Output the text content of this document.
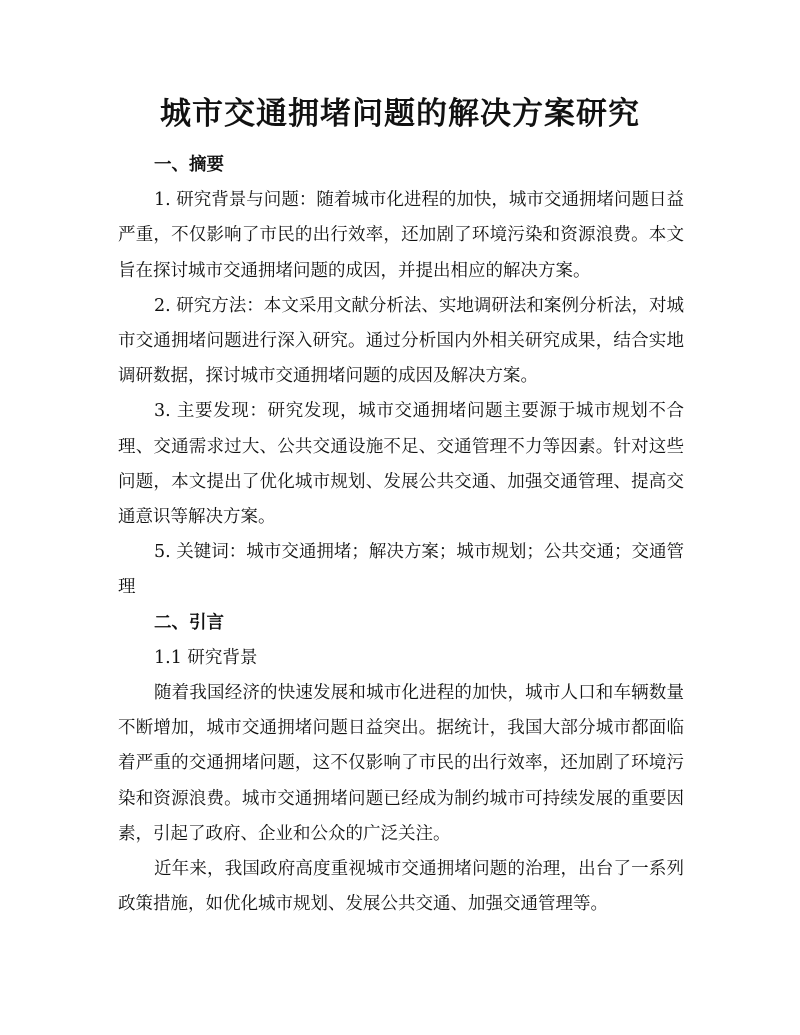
城市交通拥堵问题的解决方案研究

一、摘要

1. 研究背景与问题：随着城市化进程的加快，城市交通拥堵问题日益严重，不仅影响了市民的出行效率，还加剧了环境污染和资源浪费。本文旨在探讨城市交通拥堵问题的成因，并提出相应的解决方案。

2. 研究方法：本文采用文献分析法、实地调研法和案例分析法，对城市交通拥堵问题进行深入研究。通过分析国内外相关研究成果，结合实地调研数据，探讨城市交通拥堵问题的成因及解决方案。

3. 主要发现：研究发现，城市交通拥堵问题主要源于城市规划不合理、交通需求过大、公共交通设施不足、交通管理不力等因素。针对这些问题，本文提出了优化城市规划、发展公共交通、加强交通管理、提高交通意识等解决方案。

5. 关键词：城市交通拥堵；解决方案；城市规划；公共交通；交通管理

二、引言

1.1 研究背景

随着我国经济的快速发展和城市化进程的加快，城市人口和车辆数量不断增加，城市交通拥堵问题日益突出。据统计，我国大部分城市都面临着严重的交通拥堵问题，这不仅影响了市民的出行效率，还加剧了环境污染和资源浪费。城市交通拥堵问题已经成为制约城市可持续发展的重要因素，引起了政府、企业和公众的广泛关注。

近年来，我国政府高度重视城市交通拥堵问题的治理，出台了一系列政策措施，如优化城市规划、发展公共交通、加强交通管理等。
